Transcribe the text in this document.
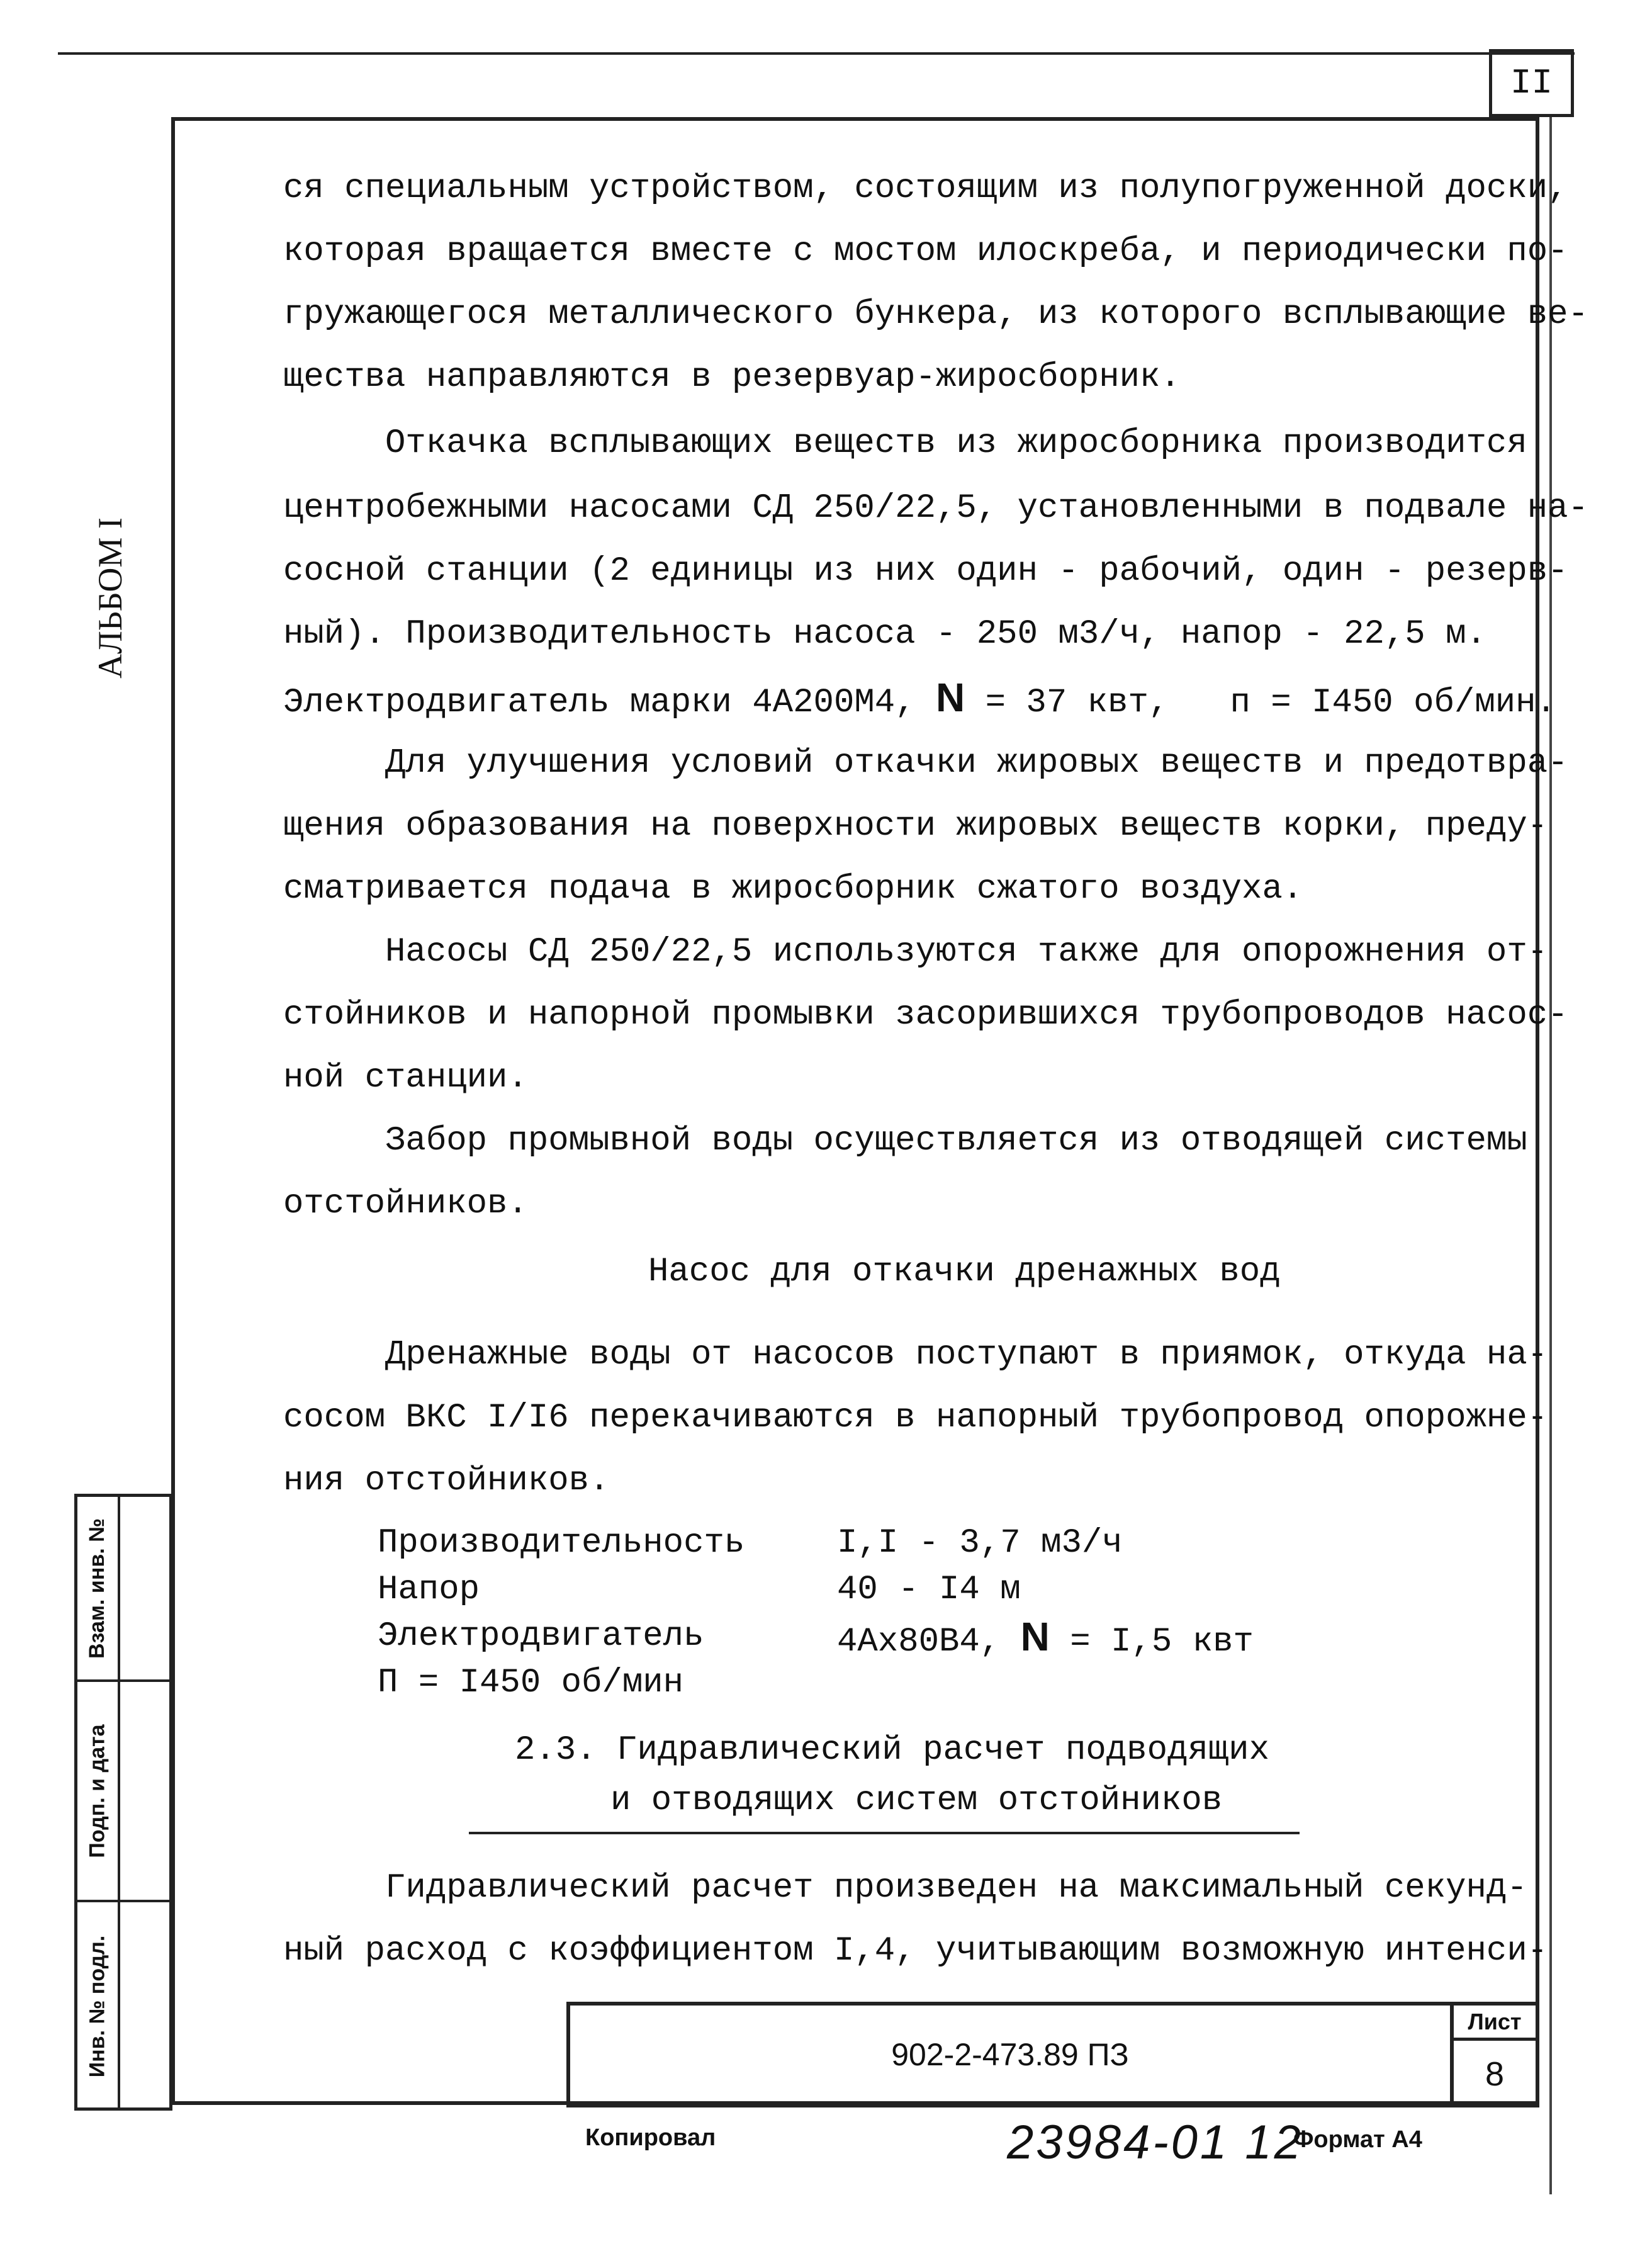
II
АЛЬБОМ I
ся специальным устройством, состоящим из полупогруженной доски,
которая вращается вместе с мостом илоскреба, и периодически по-
гружающегося металлического бункера, из которого всплывающие ве-
щества направляются в резервуар-жиросборник.
Откачка всплывающих веществ из жиросборника производится
центробежными насосами СД 250/22,5, установленными в подвале на-
сосной станции (2 единицы из них один - рабочий, один - резерв-
ный). Производительность насоса - 250 м3/ч, напор - 22,5 м.
Электродвигатель марки 4А200М4, N = 37 квт,   п = I450 об/мин.
Для улучшения условий откачки жировых веществ и предотвра-
щения образования на поверхности жировых веществ корки, преду-
сматривается подача в жиросборник сжатого воздуха.
Насосы СД 250/22,5 используются также для опорожнения от-
стойников и напорной промывки засорившихся трубопроводов насос-
ной станции.
Забор промывной воды осуществляется из отводящей системы
отстойников.
Насос для откачки дренажных вод
Дренажные воды от насосов поступают в приямок, откуда на-
сосом ВКС I/I6 перекачиваются в напорный трубопровод опорожне-
ния отстойников.
Производительность	I,I - 3,7 м3/ч
Напор	40 - I4 м
Электродвигатель	4Ах80В4, N = I,5 квт
П = I450 об/мин
2.3. Гидравлический расчет подводящих
и отводящих систем отстойников
Гидравлический расчет произведен на максимальный секунд-
ный расход с коэффициентом I,4, учитывающим возможную интенси-
Взам. инв. №
Подп. и дата
Инв. № подл.	902-2-473.89 ПЗ
Лист
8
Копировал	23984-01 12
Формат А4
